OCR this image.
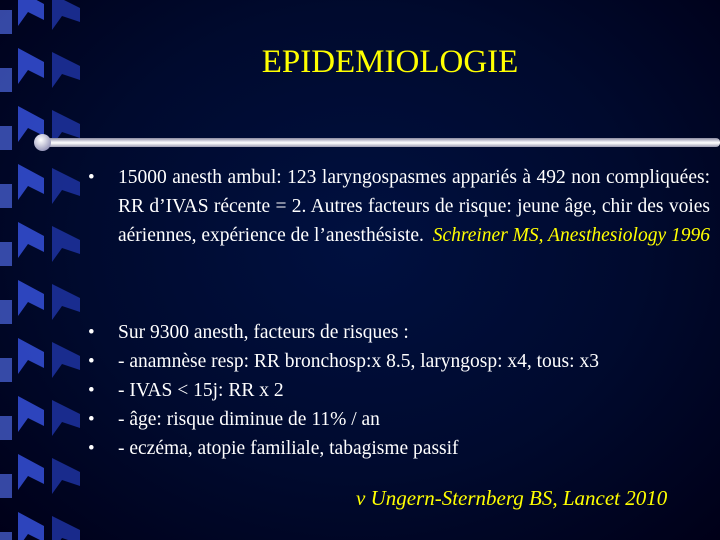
EPIDEMIOLOGIE
• 15000 anesth ambul: 123 laryngospasmes appariés à 492 non compliquées: RR d’IVAS récente = 2. Autres facteurs de risque: jeune âge, chir des voies aériennes, expérience de l’anesthésiste. Schreiner MS, Anesthesiology 1996
• Sur 9300 anesth, facteurs de risques :
• - anamnèse resp: RR bronchosp:x 8.5, laryngosp: x4, tous: x3
• - IVAS < 15j: RR x 2
• - âge: risque diminue de 11% / an
• - eczéma, atopie familiale, tabagisme passif
v Ungern-Sternberg BS, Lancet 2010
